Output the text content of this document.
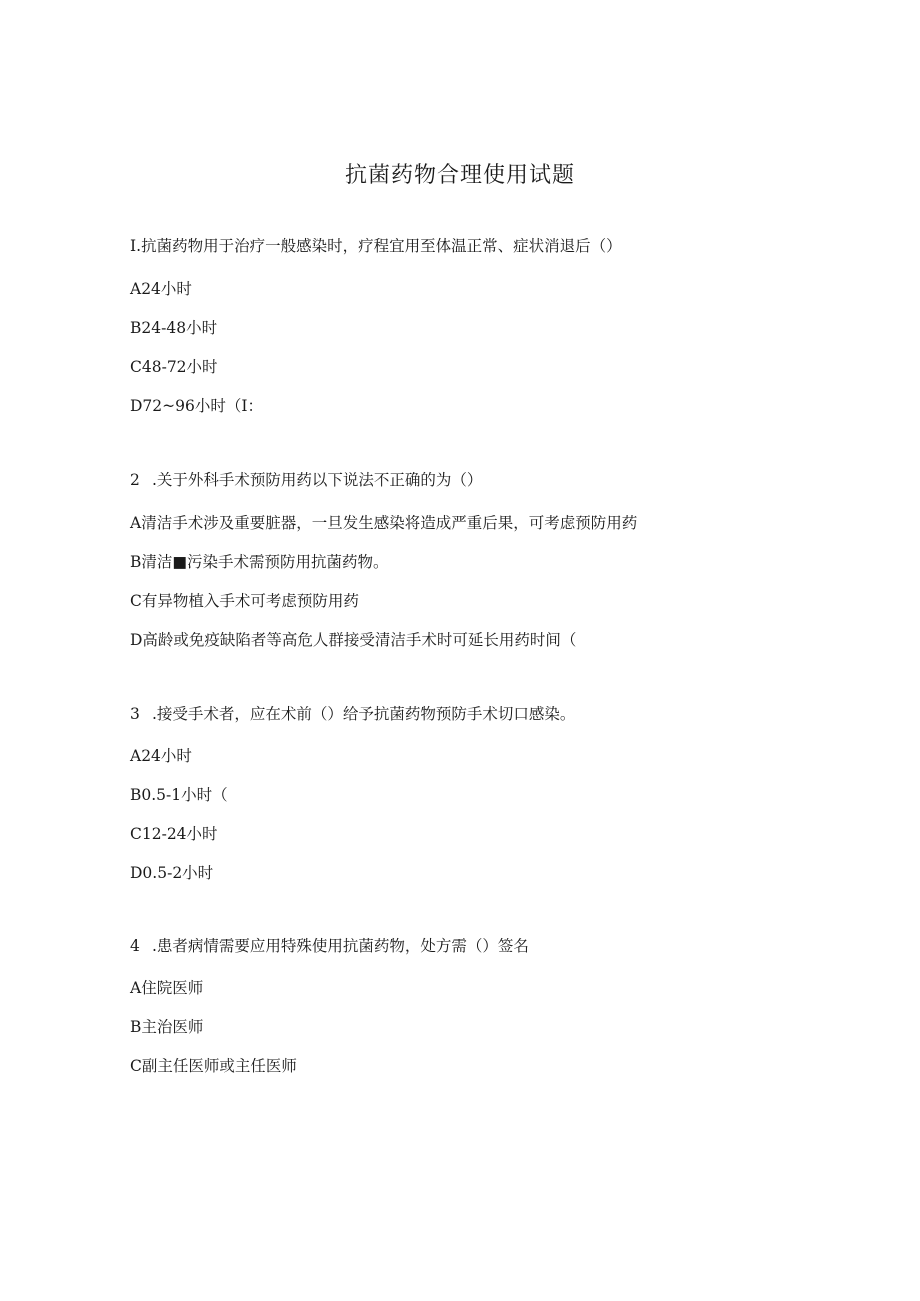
抗菌药物合理使用试题
I.抗菌药物用于治疗一般感染时，疗程宜用至体温正常、症状消退后（）
A24小时
B24-48小时
C48-72小时
D72~96小时（I：
2 .关于外科手术预防用药以下说法不正确的为（）
A清洁手术涉及重要脏器，一旦发生感染将造成严重后果，可考虑预防用药
B清洁■污染手术需预防用抗菌药物。
C有异物植入手术可考虑预防用药
D高龄或免疫缺陷者等高危人群接受清洁手术时可延长用药时间（
3 .接受手术者，应在术前（）给予抗菌药物预防手术切口感染。
A24小时
B0.5-1小时（
C12-24小时
D0.5-2小时
4 .患者病情需要应用特殊使用抗菌药物，处方需（）签名
A住院医师
B主治医师
C副主任医师或主任医师
